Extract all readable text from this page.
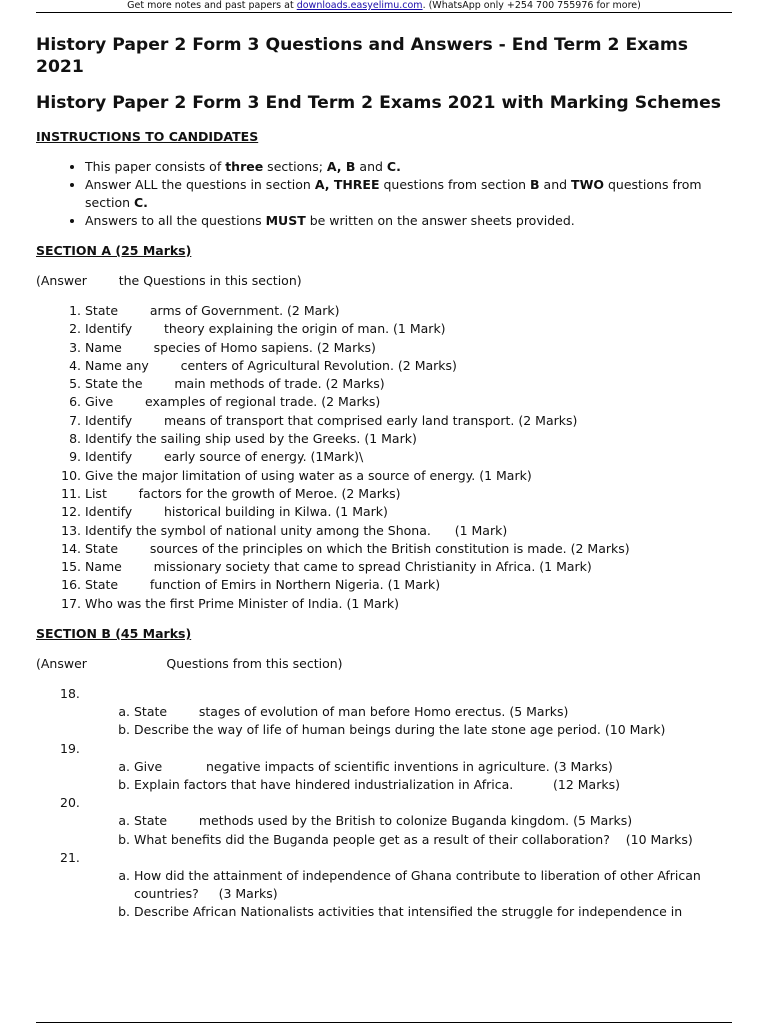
Get more notes and past papers at downloads.easyelimu.com. (WhatsApp only +254 700 755976 for more)
History Paper 2 Form 3 Questions and Answers - End Term 2 Exams 2021
History Paper 2 Form 3 End Term 2 Exams 2021 with Marking Schemes
INSTRUCTIONS TO CANDIDATES
• This paper consists of three sections; A, B and C.
• Answer ALL the questions in section A, THREE questions from section B and TWO questions from section C.
• Answers to all the questions MUST be written on the answer sheets provided.
SECTION A (25 Marks)
(Answer        the Questions in this section)
1. State        arms of Government. (2 Mark)
2. Identify        theory explaining the origin of man. (1 Mark)
3. Name        species of Homo sapiens. (2 Marks)
4. Name any        centers of Agricultural Revolution. (2 Marks)
5. State the        main methods of trade. (2 Marks)
6. Give        examples of regional trade. (2 Marks)
7. Identify        means of transport that comprised early land transport. (2 Marks)
8. Identify the sailing ship used by the Greeks. (1 Mark)
9. Identify        early source of energy. (1Mark)\
10. Give the major limitation of using water as a source of energy. (1 Mark)
11. List        factors for the growth of Meroe. (2 Marks)
12. Identify        historical building in Kilwa. (1 Mark)
13. Identify the symbol of national unity among the Shona.      (1 Mark)
14. State        sources of the principles on which the British constitution is made. (2 Marks)
15. Name        missionary society that came to spread Christianity in Africa. (1 Mark)
16. State        function of Emirs in Northern Nigeria. (1 Mark)
17. Who was the first Prime Minister of India. (1 Mark)
SECTION B (45 Marks)
(Answer                    Questions from this section)
18.
a. State        stages of evolution of man before Homo erectus. (5 Marks)
b. Describe the way of life of human beings during the late stone age period. (10 Mark)
19.
a. Give           negative impacts of scientific inventions in agriculture. (3 Marks)
b. Explain factors that have hindered industrialization in Africa.          (12 Marks)
20.
a. State        methods used by the British to colonize Buganda kingdom. (5 Marks)
b. What benefits did the Buganda people get as a result of their collaboration?    (10 Marks)
21.
a. How did the attainment of independence of Ghana contribute to liberation of other African countries?     (3 Marks)
b. Describe African Nationalists activities that intensified the struggle for independence in
